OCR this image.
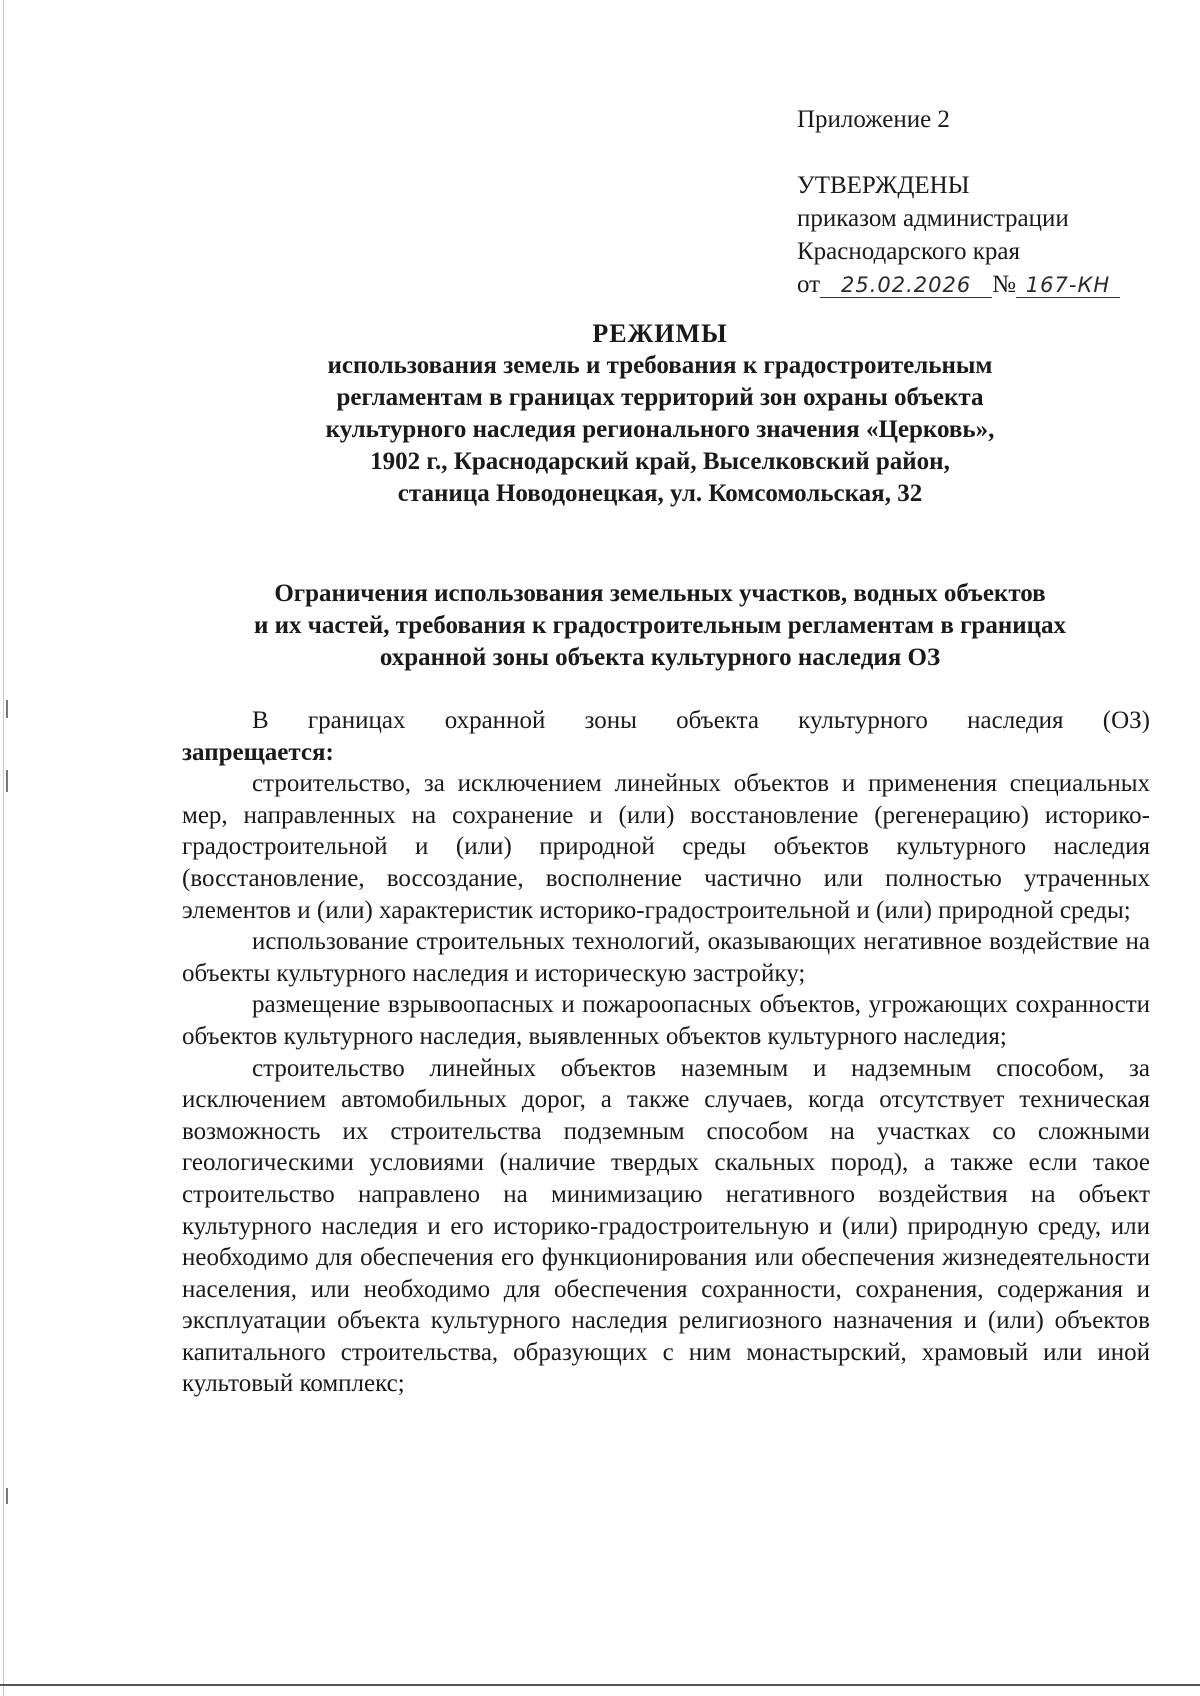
Приложение 2
УТВЕРЖДЕНЫ
приказом администрации
Краснодарского края
от 25.02.2026 № 167-КН
РЕЖИМЫ
использования земель и требования к градостроительным
регламентам в границах территорий зон охраны объекта
культурного наследия регионального значения «Церковь»,
1902 г., Краснодарский край, Выселковский район,
станица Новодонецкая, ул. Комсомольская, 32
Ограничения использования земельных участков, водных объектов
и их частей, требования к градостроительным регламентам в границах
охранной зоны объекта культурного наследия ОЗ

В границах охранной зоны объекта культурного наследия (ОЗ)

запрещается:

строительство, за исключением линейных объектов и применения специальных мер, направленных на сохранение и (или) восстановление (регенерацию) историко-градостроительной и (или) природной среды объектов культурного наследия (восстановление, воссоздание, восполнение частично или полностью утраченных элементов и (или) характеристик историко-градостроительной и (или) природной среды;

использование строительных технологий, оказывающих негативное воздействие на объекты культурного наследия и историческую застройку;

размещение взрывоопасных и пожароопасных объектов, угрожающих сохранности объектов культурного наследия, выявленных объектов культурного наследия;

строительство линейных объектов наземным и надземным способом, за исключением автомобильных дорог, а также случаев, когда отсутствует техническая возможность их строительства подземным способом на участках со сложными геологическими условиями (наличие твердых скальных пород), а также если такое строительство направлено на минимизацию негативного воздействия на объект культурного наследия и его историко-градостроительную и (или) природную среду, или необходимо для обеспечения его функционирования или обеспечения жизнедеятельности населения, или необходимо для обеспечения сохранности, сохранения, содержания и эксплуатации объекта культурного наследия религиозного назначения и (или) объектов капитального строительства, образующих с ним монастырский, храмовый или иной культовый комплекс;
